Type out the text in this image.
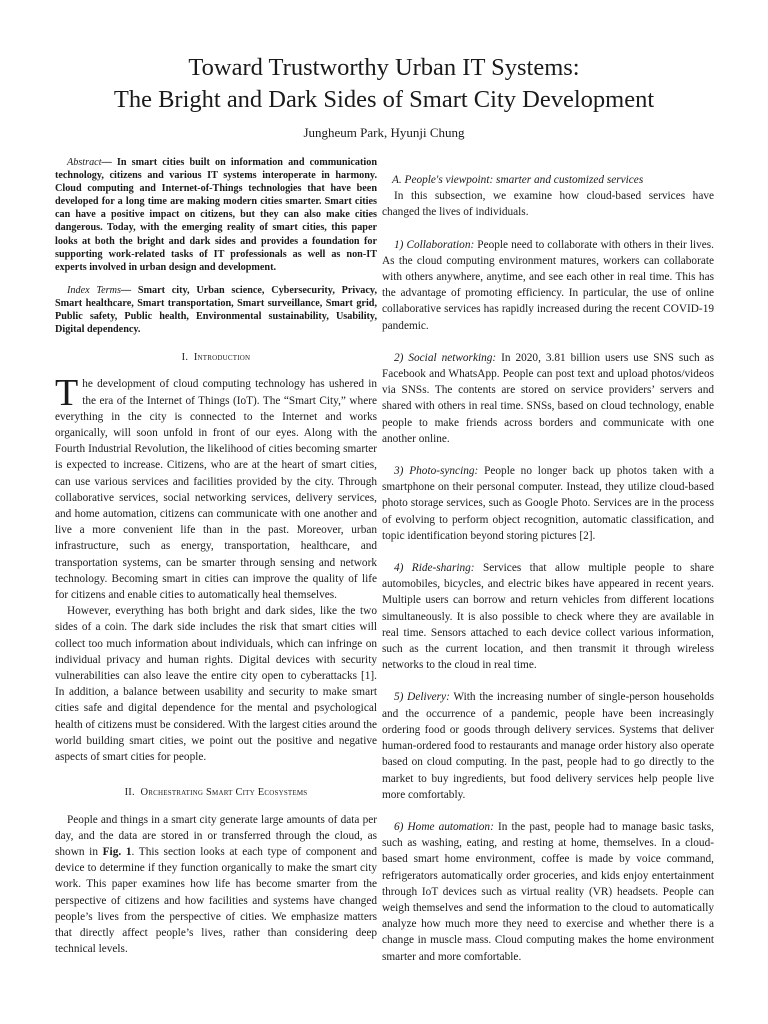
Toward Trustworthy Urban IT Systems:
The Bright and Dark Sides of Smart City Development
Jungheum Park, Hyunji Chung

Abstract— In smart cities built on information and communication technology, citizens and various IT systems interoperate in harmony. Cloud computing and Internet-of-Things technologies that have been developed for a long time are making modern cities smarter. Smart cities can have a positive impact on citizens, but they can also make cities dangerous. Today, with the emerging reality of smart cities, this paper looks at both the bright and dark sides and provides a foundation for supporting work-related tasks of IT professionals as well as non-IT experts involved in urban design and development.

Index Terms— Smart city, Urban science, Cybersecurity, Privacy, Smart healthcare, Smart transportation, Smart surveillance, Smart grid, Public safety, Public health, Environmental sustainability, Usability, Digital dependency.

I. Introduction

The development of cloud computing technology has ushered in the era of the Internet of Things (IoT). The “Smart City,” where everything in the city is connected to the Internet and works organically, will soon unfold in front of our eyes. Along with the Fourth Industrial Revolution, the likelihood of cities becoming smarter is expected to increase. Citizens, who are at the heart of smart cities, can use various services and facilities provided by the city. Through collaborative services, social networking services, delivery services, and home automation, citizens can communicate with one another and live a more convenient life than in the past. Moreover, urban infrastructure, such as energy, transportation, healthcare, and transportation systems, can be smarter through sensing and network technology. Becoming smart in cities can improve the quality of life for citizens and enable cities to automatically heal themselves.

However, everything has both bright and dark sides, like the two sides of a coin. The dark side includes the risk that smart cities will collect too much information about individuals, which can infringe on individual privacy and human rights. Digital devices with security vulnerabilities can also leave the entire city open to cyberattacks [1]. In addition, a balance between usability and security to make smart cities safe and digital dependence for the mental and psychological health of citizens must be considered. With the largest cities around the world building smart cities, we point out the positive and negative aspects of smart cities for people.

II. Orchestrating Smart City Ecosystems

People and things in a smart city generate large amounts of data per day, and the data are stored in or transferred through the cloud, as shown in Fig. 1. This section looks at each type of component and device to determine if they function organically to make the smart city work. This paper examines how life has become smarter from the perspective of citizens and how facilities and systems have changed people’s lives from the perspective of cities. We emphasize matters that directly affect people’s lives, rather than considering deep technical levels.

A. People's viewpoint: smarter and customized services

In this subsection, we examine how cloud-based services have changed the lives of individuals.

1) Collaboration: People need to collaborate with others in their lives. As the cloud computing environment matures, workers can collaborate with others anywhere, anytime, and see each other in real time. This has the advantage of promoting efficiency. In particular, the use of online collaborative services has rapidly increased during the recent COVID-19 pandemic.

2) Social networking: In 2020, 3.81 billion users use SNS such as Facebook and WhatsApp. People can post text and upload photos/videos via SNSs. The contents are stored on service providers’ servers and shared with others in real time. SNSs, based on cloud technology, enable people to make friends across borders and communicate with one another online.

3) Photo-syncing: People no longer back up photos taken with a smartphone on their personal computer. Instead, they utilize cloud-based photo storage services, such as Google Photo. Services are in the process of evolving to perform object recognition, automatic classification, and topic identification beyond storing pictures [2].

4) Ride-sharing: Services that allow multiple people to share automobiles, bicycles, and electric bikes have appeared in recent years. Multiple users can borrow and return vehicles from different locations simultaneously. It is also possible to check where they are available in real time. Sensors attached to each device collect various information, such as the current location, and then transmit it through wireless networks to the cloud in real time.

5) Delivery: With the increasing number of single-person households and the occurrence of a pandemic, people have been increasingly ordering food or goods through delivery services. Systems that deliver human-ordered food to restaurants and manage order history also operate based on cloud computing. In the past, people had to go directly to the market to buy ingredients, but food delivery services help people live more comfortably.

6) Home automation: In the past, people had to manage basic tasks, such as washing, eating, and resting at home, themselves. In a cloud-based smart home environment, coffee is made by voice command, refrigerators automatically order groceries, and kids enjoy entertainment through IoT devices such as virtual reality (VR) headsets. People can weigh themselves and send the information to the cloud to automatically analyze how much more they need to exercise and whether there is a change in muscle mass. Cloud computing makes the home environment smarter and more comfortable.
